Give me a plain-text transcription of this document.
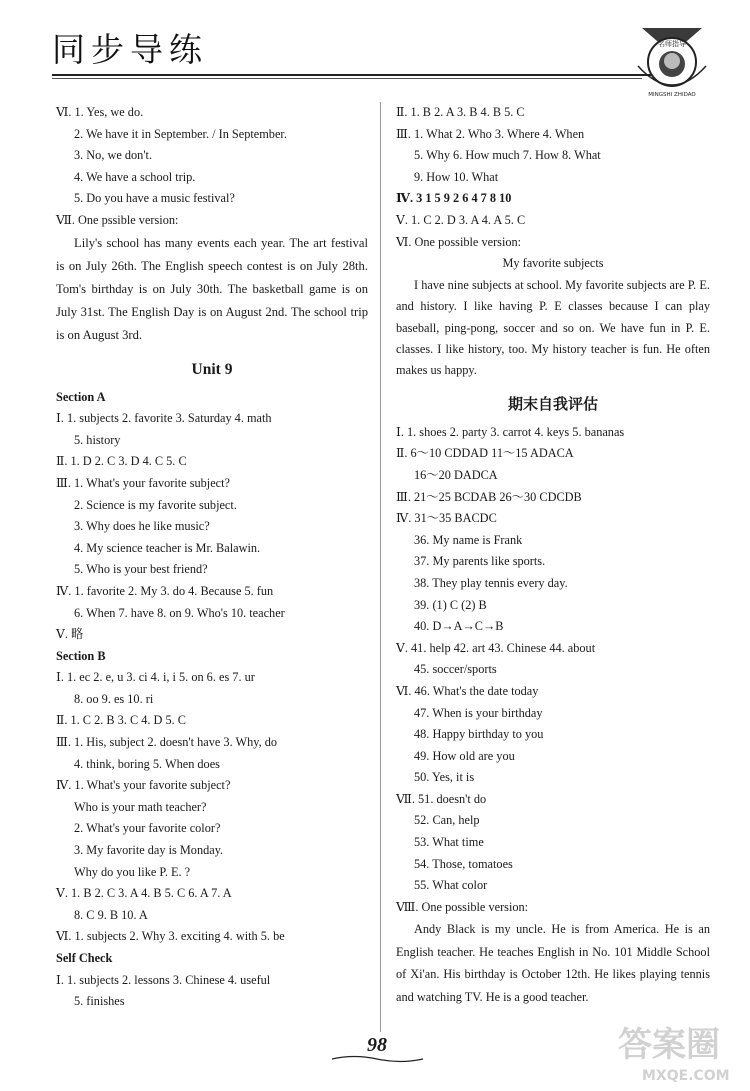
同步导练	名师指导
MINGSHI ZHIDAO
Ⅵ. 1. Yes, we do.
2. We have it in September. / In September.
3. No, we don't.
4. We have a school trip.
5. Do you have a music festival?
Ⅶ. One pssible version:
Lily's school has many events each year. The art festival is on July 26th. The English speech contest is on July 28th. Tom's birthday is on July 30th. The basketball game is on July 31st. The English Day is on August 2nd. The school trip is on August 3rd.
Unit 9
Section A
Ⅰ. 1. subjects 2. favorite 3. Saturday 4. math
5. history
Ⅱ. 1. D 2. C 3. D 4. C 5. C
Ⅲ. 1. What's your favorite subject?
2. Science is my favorite subject.
3. Why does he like music?
4. My science teacher is Mr. Balawin.
5. Who is your best friend?
Ⅳ. 1. favorite 2. My 3. do 4. Because 5. fun
6. When 7. have 8. on 9. Who's 10. teacher
Ⅴ. 略
Section B
Ⅰ. 1. ec 2. e, u 3. ci 4. i, i 5. on 6. es 7. ur
8. oo 9. es 10. ri
Ⅱ. 1. C 2. B 3. C 4. D 5. C
Ⅲ. 1. His, subject 2. doesn't have 3. Why, do
4. think, boring 5. When does
Ⅳ. 1. What's your favorite subject?
Who is your math teacher?
2. What's your favorite color?
3. My favorite day is Monday.
Why do you like P. E. ?
Ⅴ. 1. B 2. C 3. A 4. B 5. C 6. A 7. A
8. C 9. B 10. A
Ⅵ. 1. subjects 2. Why 3. exciting 4. with 5. be
Self Check
Ⅰ. 1. subjects 2. lessons 3. Chinese 4. useful
5. finishes
Ⅱ. 1. B 2. A 3. B 4. B 5. C
Ⅲ. 1. What 2. Who 3. Where 4. When
5. Why 6. How much 7. How 8. What
9. How 10. What
Ⅳ. 3 1 5 9 2 6 4 7 8 10
Ⅴ. 1. C 2. D 3. A 4. A 5. C
Ⅵ. One possible version:
My favorite subjects
I have nine subjects at school. My favorite subjects are P. E. and history. I like having P. E classes because I can play baseball, ping-pong, soccer and so on. We have fun in P. E. classes. I like history, too. My history teacher is fun. He often makes us happy.
期末自我评估
Ⅰ. 1. shoes 2. party 3. carrot 4. keys 5. bananas
Ⅱ. 6～10 CDDAD 11～15 ADACA
16～20 DADCA
Ⅲ. 21～25 BCDAB 26～30 CDCDB
Ⅳ. 31～35 BACDC
36. My name is Frank
37. My parents like sports.
38. They play tennis every day.
39. (1) C (2) B
40. D→A→C→B
Ⅴ. 41. help 42. art 43. Chinese 44. about
45. soccer/sports
Ⅵ. 46. What's the date today
47. When is your birthday
48. Happy birthday to you
49. How old are you
50. Yes, it is
Ⅶ. 51. doesn't do
52. Can, help
53. What time
54. Those, tomatoes
55. What color
Ⅷ. One possible version:
Andy Black is my uncle. He is from America. He is an English teacher. He teaches English in No. 101 Middle School of Xi'an. His birthday is October 12th. He likes playing tennis and watching TV. He is a good teacher.
98	答案圈
MXQE.COM
